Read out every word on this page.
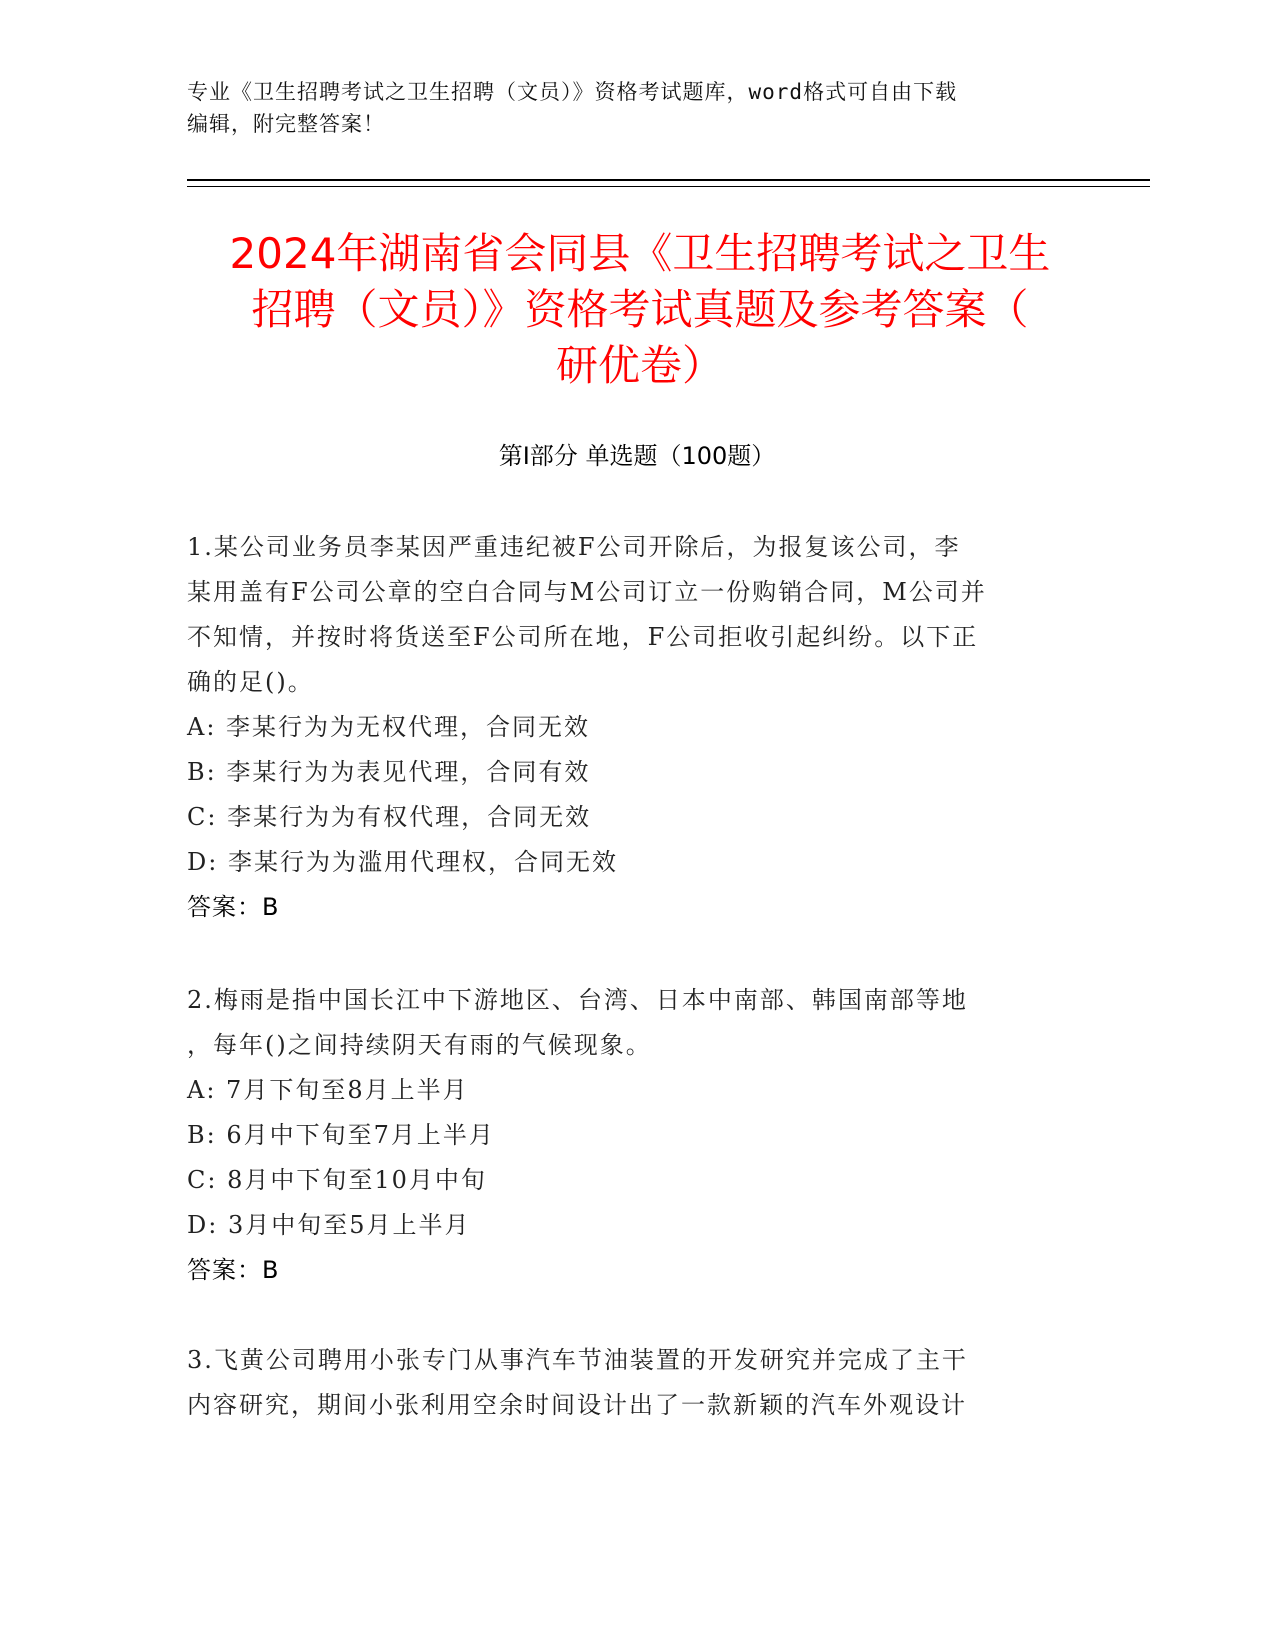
专业《卫生招聘考试之卫生招聘（文员）》资格考试题库，word格式可自由下载
编辑，附完整答案！
2024年湖南省会同县《卫生招聘考试之卫生
招聘（文员）》资格考试真题及参考答案（
研优卷）
第Ⅰ部分 单选题（100题）
1.某公司业务员李某因严重违纪被F公司开除后，为报复该公司，李
某用盖有F公司公章的空白合同与M公司订立一份购销合同，M公司并
不知情，并按时将货送至F公司所在地，F公司拒收引起纠纷。以下正
确的足()。
A: 李某行为为无权代理，合同无效
B: 李某行为为表见代理，合同有效
C: 李某行为为有权代理，合同无效
D: 李某行为为滥用代理权，合同无效
答案：B
2.梅雨是指中国长江中下游地区、台湾、日本中南部、韩国南部等地
，每年()之间持续阴天有雨的气候现象。
A: 7月下旬至8月上半月
B: 6月中下旬至7月上半月
C: 8月中下旬至10月中旬
D: 3月中旬至5月上半月
答案：B
3.飞黄公司聘用小张专门从事汽车节油装置的开发研究并完成了主干
内容研究，期间小张利用空余时间设计出了一款新颖的汽车外观设计
